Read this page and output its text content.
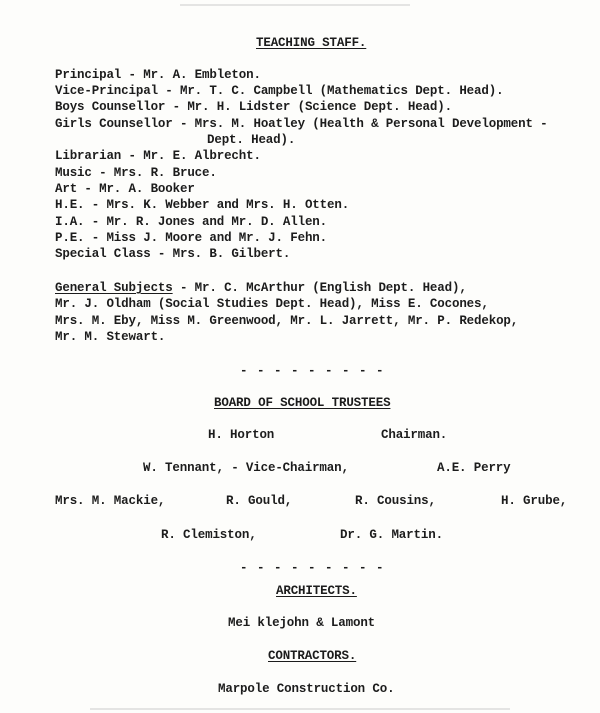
TEACHING STAFF.
Principal - Mr. A. Embleton.
Vice-Principal - Mr. T. C. Campbell (Mathematics Dept. Head).
Boys Counsellor - Mr. H. Lidster (Science Dept. Head).
Girls Counsellor - Mrs. M. Hoatley (Health & Personal Development -
Dept. Head).
Librarian - Mr. E. Albrecht.
Music - Mrs. R. Bruce.
Art - Mr. A. Booker
H.E. - Mrs. K. Webber and Mrs. H. Otten.
I.A. - Mr. R. Jones and Mr. D. Allen.
P.E. - Miss J. Moore and Mr. J. Fehn.
Special Class - Mrs. B. Gilbert.
General Subjects - Mr. C. McArthur (English Dept. Head),
Mr. J. Oldham (Social Studies Dept. Head), Miss E. Cocones,
Mrs. M. Eby, Miss M. Greenwood, Mr. L. Jarrett, Mr. P. Redekop,
Mr. M. Stewart.
- - - - - - - - -
BOARD OF SCHOOL TRUSTEES
H. Horton	Chairman.
W. Tennant, - Vice-Chairman,	A.E. Perry
Mrs. M. Mackie,	R. Gould,	R. Cousins,	H. Grube,
R. Clemiston,	Dr. G. Martin.
- - - - - - - - -
ARCHITECTS.
Mei klejohn & Lamont
CONTRACTORS.
Marpole Construction Co.
